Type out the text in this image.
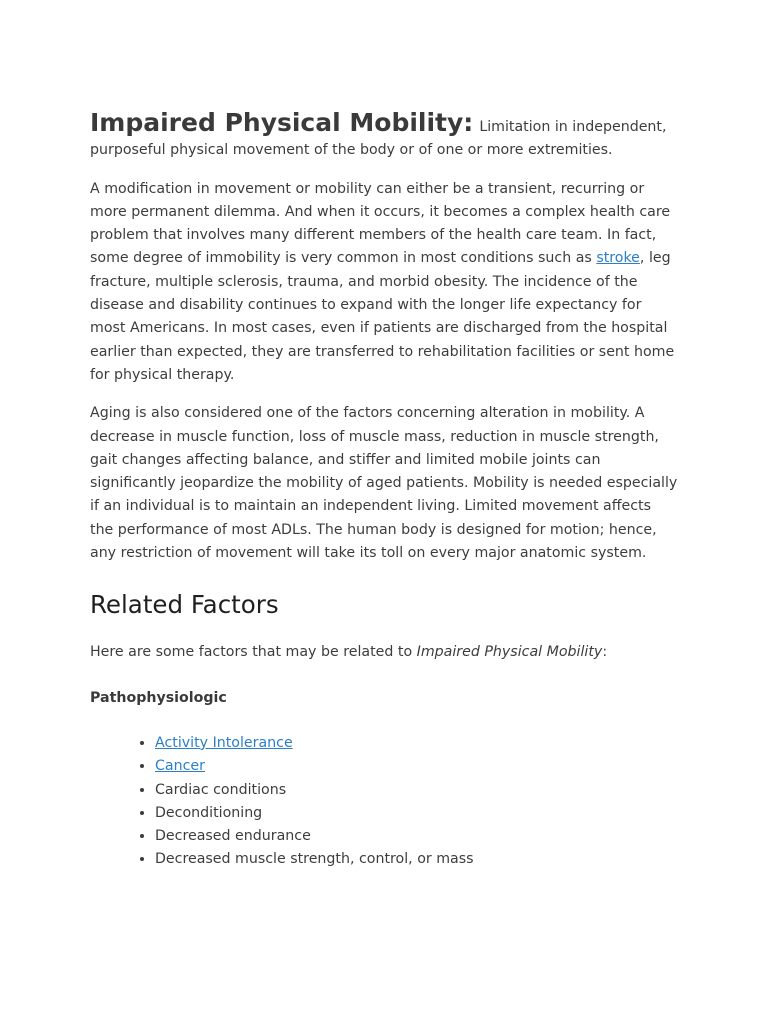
Impaired Physical Mobility: Limitation in independent, purposeful physical movement of the body or of one or more extremities.

A modification in movement or mobility can either be a transient, recurring or more permanent dilemma. And when it occurs, it becomes a complex health care problem that involves many different members of the health care team. In fact, some degree of immobility is very common in most conditions such as stroke, leg fracture, multiple sclerosis, trauma, and morbid obesity. The incidence of the disease and disability continues to expand with the longer life expectancy for most Americans. In most cases, even if patients are discharged from the hospital earlier than expected, they are transferred to rehabilitation facilities or sent home for physical therapy.

Aging is also considered one of the factors concerning alteration in mobility. A decrease in muscle function, loss of muscle mass, reduction in muscle strength, gait changes affecting balance, and stiffer and limited mobile joints can significantly jeopardize the mobility of aged patients. Mobility is needed especially if an individual is to maintain an independent living. Limited movement affects the performance of most ADLs. The human body is designed for motion; hence, any restriction of movement will take its toll on every major anatomic system.

Related Factors

Here are some factors that may be related to Impaired Physical Mobility:

Pathophysiologic
• Activity Intolerance
• Cancer
• Cardiac conditions
• Deconditioning
• Decreased endurance
• Decreased muscle strength, control, or mass
